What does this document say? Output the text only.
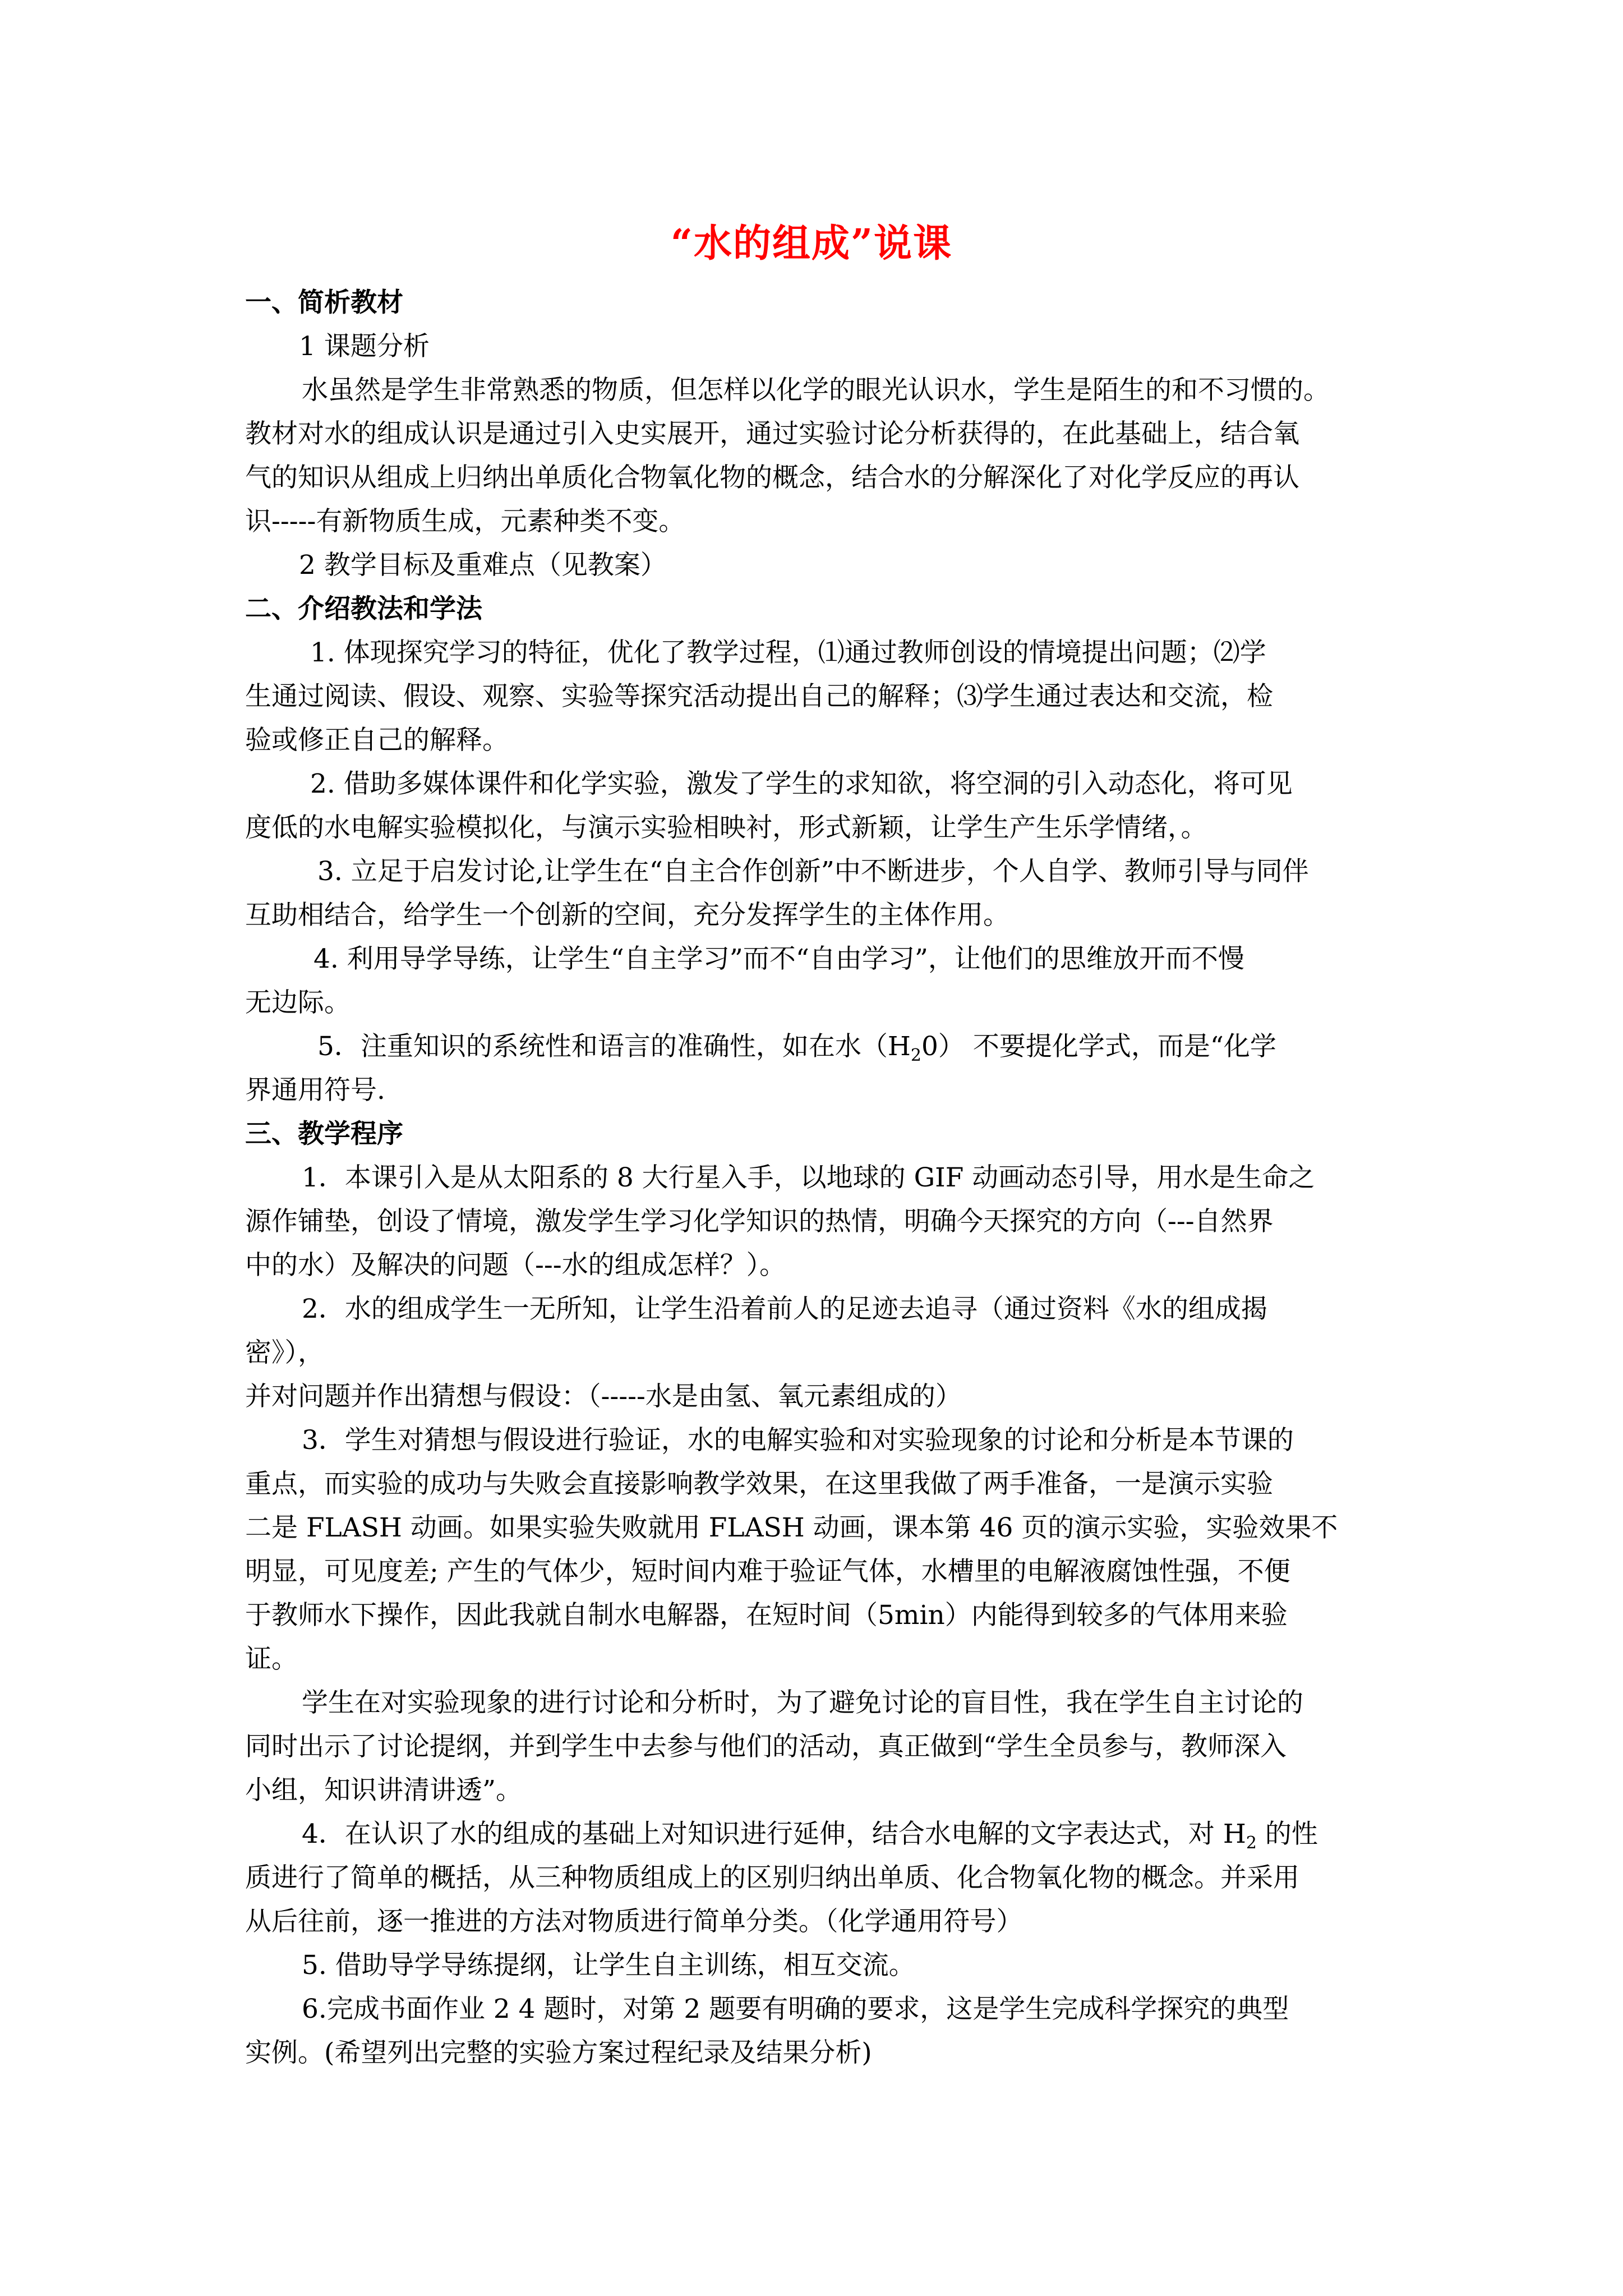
“水的组成”说课
一、简析教材
1 课题分析
水虽然是学生非常熟悉的物质，但怎样以化学的眼光认识水，学生是陌生的和不习惯的。
教材对水的组成认识是通过引入史实展开，通过实验讨论分析获得的，在此基础上，结合氧
气的知识从组成上归纳出单质化合物氧化物的概念，结合水的分解深化了对化学反应的再认
识-----有新物质生成，元素种类不变。
2 教学目标及重难点（见教案）
二、介绍教法和学法
1. 体现探究学习的特征，优化了教学过程，⑴通过教师创设的情境提出问题；⑵学
生通过阅读、假设、观察、实验等探究活动提出自己的解释；⑶学生通过表达和交流，检
验或修正自己的解释。
2. 借助多媒体课件和化学实验，激发了学生的求知欲，将空洞的引入动态化，将可见
度低的水电解实验模拟化，与演示实验相映衬，形式新颖，让学生产生乐学情绪，。
3. 立足于启发讨论,让学生在“自主合作创新”中不断进步，个人自学、教师引导与同伴
互助相结合，给学生一个创新的空间，充分发挥学生的主体作用。
4. 利用导学导练，让学生“自主学习”而不“自由学习”，让他们的思维放开而不慢
无边际。
5．注重知识的系统性和语言的准确性，如在水$(H_20)$ 不要提化学式，而是“化学
界通用符号.
三、教学程序
1．本课引入是从太阳系的 8 大行星入手，以地球的 GIF 动画动态引导，用水是生命之
源作铺垫，创设了情境，激发学生学习化学知识的热情，明确今天探究的方向（---自然界
中的水）及解决的问题（---水的组成怎样？）。
2．水的组成学生一无所知，让学生沿着前人的足迹去追寻（通过资料《水的组成揭
密》），
并对问题并作出猜想与假设：（-----水是由氢、氧元素组成的）
3．学生对猜想与假设进行验证，水的电解实验和对实验现象的讨论和分析是本节课的
重点，而实验的成功与失败会直接影响教学效果，在这里我做了两手准备，一是演示实验
二是 FLASH 动画。如果实验失败就用 FLASH 动画，课本第 46 页的演示实验，实验效果不
明显，可见度差; 产生的气体少，短时间内难于验证气体，水槽里的电解液腐蚀性强，不便
于教师水下操作，因此我就自制水电解器，在短时间（5min）内能得到较多的气体用来验
证。
学生在对实验现象的进行讨论和分析时，为了避免讨论的盲目性，我在学生自主讨论的
同时出示了讨论提纲，并到学生中去参与他们的活动，真正做到“学生全员参与，教师深入
小组，知识讲清讲透”。
4．在认识了水的组成的基础上对知识进行延伸，结合水电解的文字表达式，对 $H_2$ 的性
质进行了简单的概括，从三种物质组成上的区别归纳出单质、化合物氧化物的概念。并采用
从后往前，逐一推进的方法对物质进行简单分类。（化学通用符号）
5. 借助导学导练提纲，让学生自主训练，相互交流。
6.完成书面作业 2 4 题时，对第 2 题要有明确的要求，这是学生完成科学探究的典型
实例。(希望列出完整的实验方案过程纪录及结果分析)
